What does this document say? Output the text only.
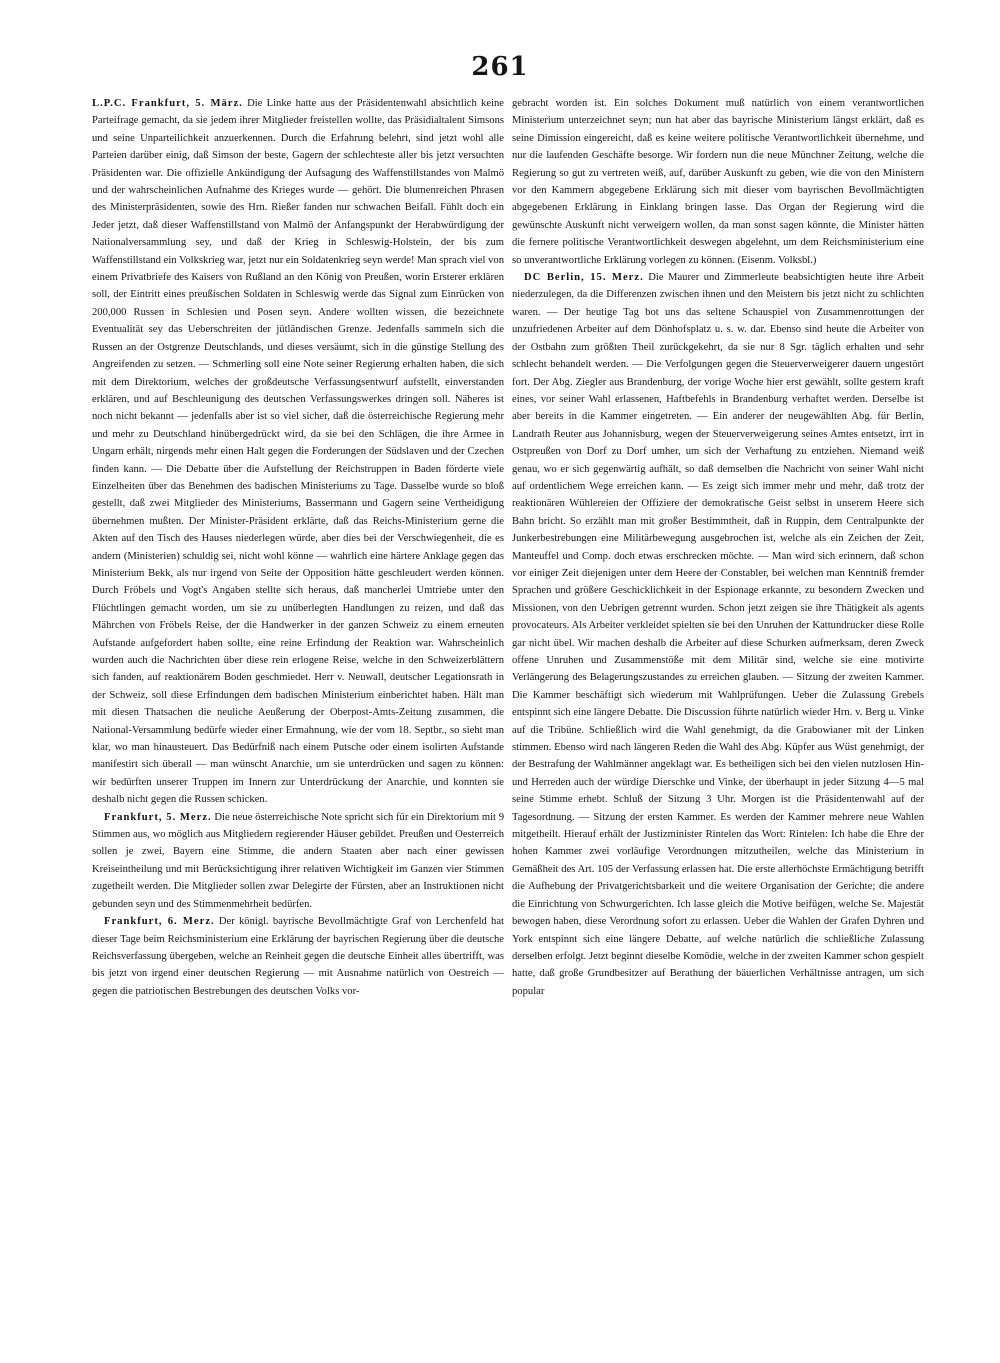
261

L.P.C. Frankfurt, 5. März. Die Linke hatte aus der Präsidentenwahl absichtlich keine Parteifrage gemacht, da sie jedem ihrer Mitglieder freistellen wollte, das Präsidialtalent Simsons und seine Unparteilichkeit anzuerkennen. Durch die Erfahrung belehrt, sind jetzt wohl alle Parteien darüber einig, daß Simson der beste, Gagern der schlechteste aller bis jetzt versuchten Präsidenten war. Die offizielle Ankündigung der Aufsagung des Waffenstillstandes von Malmö und der wahrscheinlichen Aufnahme des Krieges wurde — gehört. Die blumenreichen Phrasen des Ministerpräsidenten, sowie des Hrn. Rießer fanden nur schwachen Beifall. Fühlt doch ein Jeder jetzt, daß dieser Waffenstillstand von Malmö der Anfangspunkt der Herabwürdigung der Nationalversammlung sey, und daß der Krieg in Schleswig-Holstein, der bis zum Waffenstillstand ein Volkskrieg war, jetzt nur ein Soldatenkrieg seyn werde! Man sprach viel von einem Privatbriefe des Kaisers von Rußland an den König von Preußen, worin Ersterer erklären soll, der Eintritt eines preußischen Soldaten in Schleswig werde das Signal zum Einrücken von 200,000 Russen in Schlesien und Posen seyn. Andere wollten wissen, die bezeichnete Eventualität sey das Ueberschreiten der jütländischen Grenze. Jedenfalls sammeln sich die Russen an der Ostgrenze Deutschlands, und dieses versäumt, sich in die günstige Stellung des Angreifenden zu setzen. — Schmerling soll eine Note seiner Regierung erhalten haben, die sich mit dem Direktorium, welches der großdeutsche Verfassungsentwurf aufstellt, einverstanden erklären, und auf Beschleunigung des deutschen Verfassungswerkes dringen soll. Näheres ist noch nicht bekannt — jedenfalls aber ist so viel sicher, daß die österreichische Regierung mehr und mehr zu Deutschland hinübergedrückt wird, da sie bei den Schlägen, die ihre Armee in Ungarn erhält, nirgends mehr einen Halt gegen die Forderungen der Südslaven und der Czechen finden kann. — Die Debatte über die Aufstellung der Reichstruppen in Baden förderte viele Einzelheiten über das Benehmen des badischen Ministeriums zu Tage. Dasselbe wurde so bloß gestellt, daß zwei Mitglieder des Ministeriums, Bassermann und Gagern seine Vertheidigung übernehmen mußten. Der Minister-Präsident erklärte, daß das Reichs-Ministerium gerne die Akten auf den Tisch des Hauses niederlegen würde, aber dies bei der Verschwiegenheit, die es andern (Ministerien) schuldig sei, nicht wohl könne — wahrlich eine härtere Anklage gegen das Ministerium Bekk, als nur irgend von Seite der Opposition hätte geschleudert werden können. Durch Fröbels und Vogt's Angaben stellte sich heraus, daß mancherlei Umtriebe unter den Flüchtlingen gemacht worden, um sie zu unüberlegten Handlungen zu reizen, und daß das Mährchen von Fröbels Reise, der die Handwerker in der ganzen Schweiz zu einem erneuten Aufstande aufgefordert haben sollte, eine reine Erfindung der Reaktion war. Wahrscheinlich wurden auch die Nachrichten über diese rein erlogene Reise, welche in den Schweizerblättern sich fanden, auf reaktionärem Boden geschmiedet. Herr v. Neuwall, deutscher Legationsrath in der Schweiz, soll diese Erfindungen dem badischen Ministerium einberichtet haben. Hält man mit diesen Thatsachen die neuliche Aeußerung der Oberpost-Amts-Zeitung zusammen, die National-Versammlung bedürfe wieder einer Ermahnung, wie der vom 18. Septbr., so sieht man klar, wo man hinausteuert. Das Bedürfniß nach einem Putsche oder einem isolirten Aufstande manifestirt sich überall — man wünscht Anarchie, um sie unterdrücken und sagen zu können: wir bedürften unserer Truppen im Innern zur Unterdrückung der Anarchie, und konnten sie deshalb nicht gegen die Russen schicken.

Frankfurt, 5. Merz. Die neue österreichische Note spricht sich für ein Direktorium mit 9 Stimmen aus, wo möglich aus Mitgliedern regierender Häuser gebildet. Preußen und Oesterreich sollen je zwei, Bayern eine Stimme, die andern Staaten aber nach einer gewissen Kreiseintheilung und mit Berücksichtigung ihrer relativen Wichtigkeit im Ganzen vier Stimmen zugetheilt werden. Die Mitglieder sollen zwar Delegirte der Fürsten, aber an Instruktionen nicht gebunden seyn und des Stimmenmehrheit bedürfen.

Frankfurt, 6. Merz. Der königl. bayrische Bevollmächtigte Graf von Lerchenfeld hat dieser Tage beim Reichsministerium eine Erklärung der bayrischen Regierung über die deutsche Reichsverfassung übergeben, welche an Reinheit gegen die deutsche Einheit alles übertrifft, was bis jetzt von irgend einer deutschen Regierung — mit Ausnahme natürlich von Oestreich — gegen die patriotischen Bestrebungen des deutschen Volks vor-

gebracht worden ist. Ein solches Dokument muß natürlich von einem verantwortlichen Ministerium unterzeichnet seyn; nun hat aber das bayrische Ministerium längst erklärt, daß es seine Dimission eingereicht, daß es keine weitere politische Verantwortlichkeit übernehme, und nur die laufenden Geschäfte besorge. Wir fordern nun die neue Münchner Zeitung, welche die Regierung so gut zu vertreten weiß, auf, darüber Auskunft zu geben, wie die von den Ministern vor den Kammern abgegebene Erklärung sich mit dieser vom bayrischen Bevollmächtigten abgegebenen Erklärung in Einklang bringen lasse. Das Organ der Regierung wird die gewünschte Auskunft nicht verweigern wollen, da man sonst sagen könnte, die Minister hätten die fernere politische Verantwortlichkeit deswegen abgelehnt, um dem Reichsministerium eine so unverantwortliche Erklärung vorlegen zu können. (Eisenm. Volksbl.)

DC Berlin, 15. Merz. Die Maurer und Zimmerleute beabsichtigten heute ihre Arbeit niederzulegen, da die Differenzen zwischen ihnen und den Meistern bis jetzt nicht zu schlichten waren. — Der heutige Tag bot uns das seltene Schauspiel von Zusammenrottungen der unzufriedenen Arbeiter auf dem Dönhofsplatz u. s. w. dar. Ebenso sind heute die Arbeiter von der Ostbahn zum größten Theil zurückgekehrt, da sie nur 8 Sgr. täglich erhalten und sehr schlecht behandelt werden. — Die Verfolgungen gegen die Steuerverweigerer dauern ungestört fort. Der Abg. Ziegler aus Brandenburg, der vorige Woche hier erst gewählt, sollte gestern kraft eines, vor seiner Wahl erlassenen, Haftbefehls in Brandenburg verhaftet werden. Derselbe ist aber bereits in die Kammer eingetreten. — Ein anderer der neugewählten Abg. für Berlin, Landrath Reuter aus Johannisburg, wegen der Steuerverweigerung seines Amtes entsetzt, irrt in Ostpreußen von Dorf zu Dorf umher, um sich der Verhaftung zu entziehen. Niemand weiß genau, wo er sich gegenwärtig aufhält, so daß demselben die Nachricht von seiner Wahl nicht auf ordentlichem Wege erreichen kann. — Es zeigt sich immer mehr und mehr, daß trotz der reaktionären Wühlereien der Offiziere der demokratische Geist selbst in unserem Heere sich Bahn bricht. So erzählt man mit großer Bestimmtheit, daß in Ruppin, dem Centralpunkte der Junkerbestrebungen eine Militärbewegung ausgebrochen ist, welche als ein Zeichen der Zeit, Manteuffel und Comp. doch etwas erschrecken möchte. — Man wird sich erinnern, daß schon vor einiger Zeit diejenigen unter dem Heere der Constabler, bei welchen man Kenntniß fremder Sprachen und größere Geschicklichkeit in der Espionage erkannte, zu besondern Zwecken und Missionen, von den Uebrigen getrennt wurden. Schon jetzt zeigen sie ihre Thätigkeit als agents provocateurs. Als Arbeiter verkleidet spielten sie bei den Unruhen der Kattundrucker diese Rolle gar nicht übel. Wir machen deshalb die Arbeiter auf diese Schurken aufmerksam, deren Zweck offene Unruhen und Zusammenstöße mit dem Militär sind, welche sie eine motivirte Verlängerung des Belagerungszustandes zu erreichen glauben. — Sitzung der zweiten Kammer. Die Kammer beschäftigt sich wiederum mit Wahlprüfungen. Ueber die Zulassung Grebels entspinnt sich eine längere Debatte. Die Discussion führte natürlich wieder Hrn. v. Berg u. Vinke auf die Tribüne. Schließlich wird die Wahl genehmigt, da die Grabowianer mit der Linken stimmen. Ebenso wird nach längeren Reden die Wahl des Abg. Küpfer aus Wüst genehmigt, der der Bestrafung der Wahlmänner angeklagt war. Es betheiligen sich bei den vielen nutzlosen Hin- und Herreden auch der würdige Dierschke und Vinke, der überhaupt in jeder Sitzung 4—5 mal seine Stimme erhebt. Schluß der Sitzung 3 Uhr. Morgen ist die Präsidentenwahl auf der Tagesordnung. — Sitzung der ersten Kammer. Es werden der Kammer mehrere neue Wahlen mitgetheilt. Hierauf erhält der Justizminister Rintelen das Wort: Rintelen: Ich habe die Ehre der hohen Kammer zwei vorläufige Verordnungen mitzutheilen, welche das Ministerium in Gemäßheit des Art. 105 der Verfassung erlassen hat. Die erste allerhöchste Ermächtigung betrifft die Aufhebung der Privatgerichtsbarkeit und die weitere Organisation der Gerichte; die andere die Einrichtung von Schwurgerichten. Ich lasse gleich die Motive beifügen, welche Se. Majestät bewogen haben, diese Verordnung sofort zu erlassen. Ueber die Wahlen der Grafen Dyhren und York entspinnt sich eine längere Debatte, auf welche natürlich die schließliche Zulassung derselben erfolgt. Jetzt beginnt dieselbe Komödie, welche in der zweiten Kammer schon gespielt hatte, daß große Grundbesitzer auf Berathung der bäuerlichen Verhältnisse antragen, um sich popular
